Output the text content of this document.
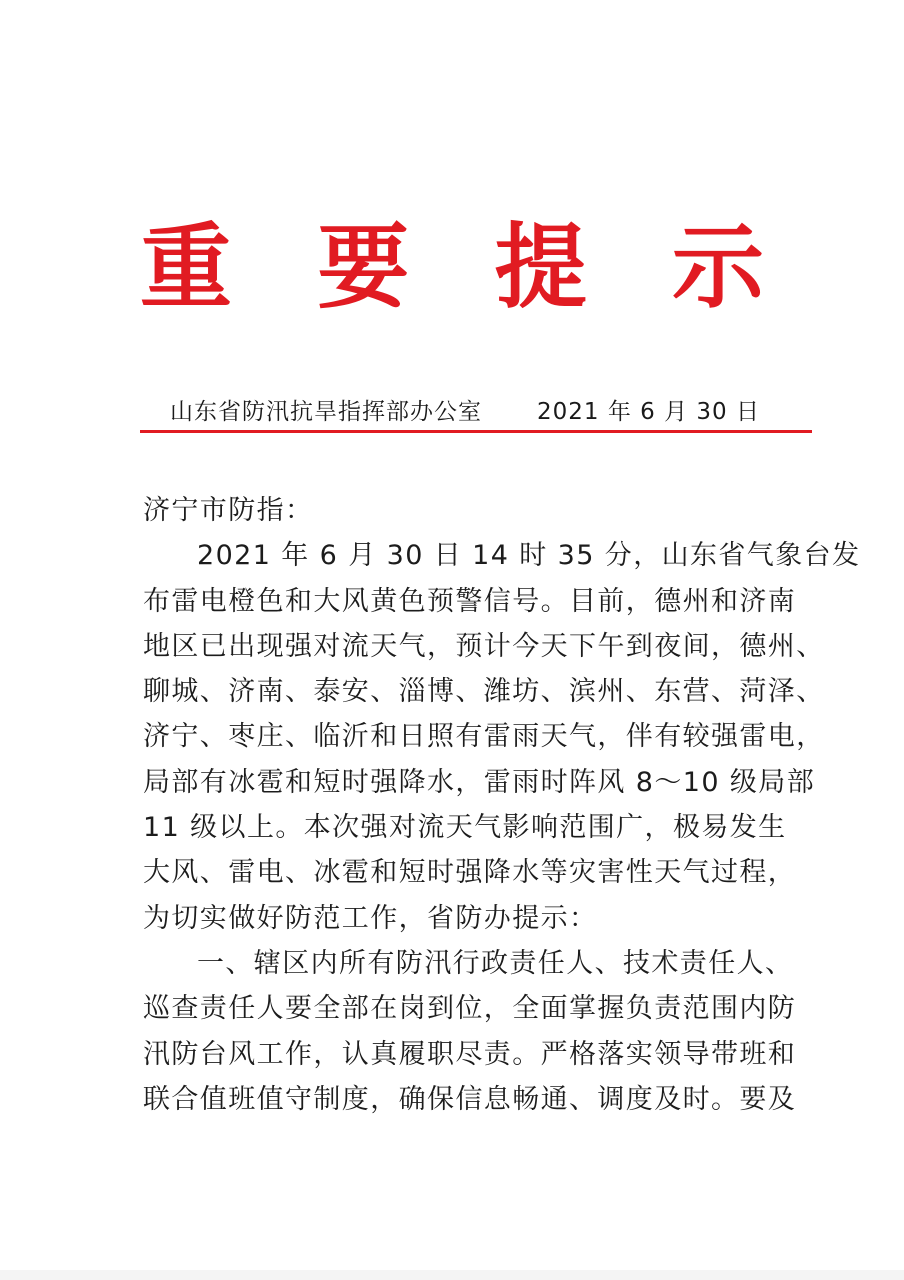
重 要 提 示
山东省防汛抗旱指挥部办公室 2021 年 6 月 30 日
济宁市防指：
2021 年 6 月 30 日 14 时 35 分，山东省气象台发
布雷电橙色和大风黄色预警信号。目前，德州和济南
地区已出现强对流天气，预计今天下午到夜间，德州、
聊城、济南、泰安、淄博、潍坊、滨州、东营、菏泽、
济宁、枣庄、临沂和日照有雷雨天气，伴有较强雷电，
局部有冰雹和短时强降水，雷雨时阵风 8～10 级局部
11 级以上。本次强对流天气影响范围广，极易发生
大风、雷电、冰雹和短时强降水等灾害性天气过程，
为切实做好防范工作，省防办提示：
一、辖区内所有防汛行政责任人、技术责任人、
巡查责任人要全部在岗到位，全面掌握负责范围内防
汛防台风工作，认真履职尽责。严格落实领导带班和
联合值班值守制度，确保信息畅通、调度及时。要及
